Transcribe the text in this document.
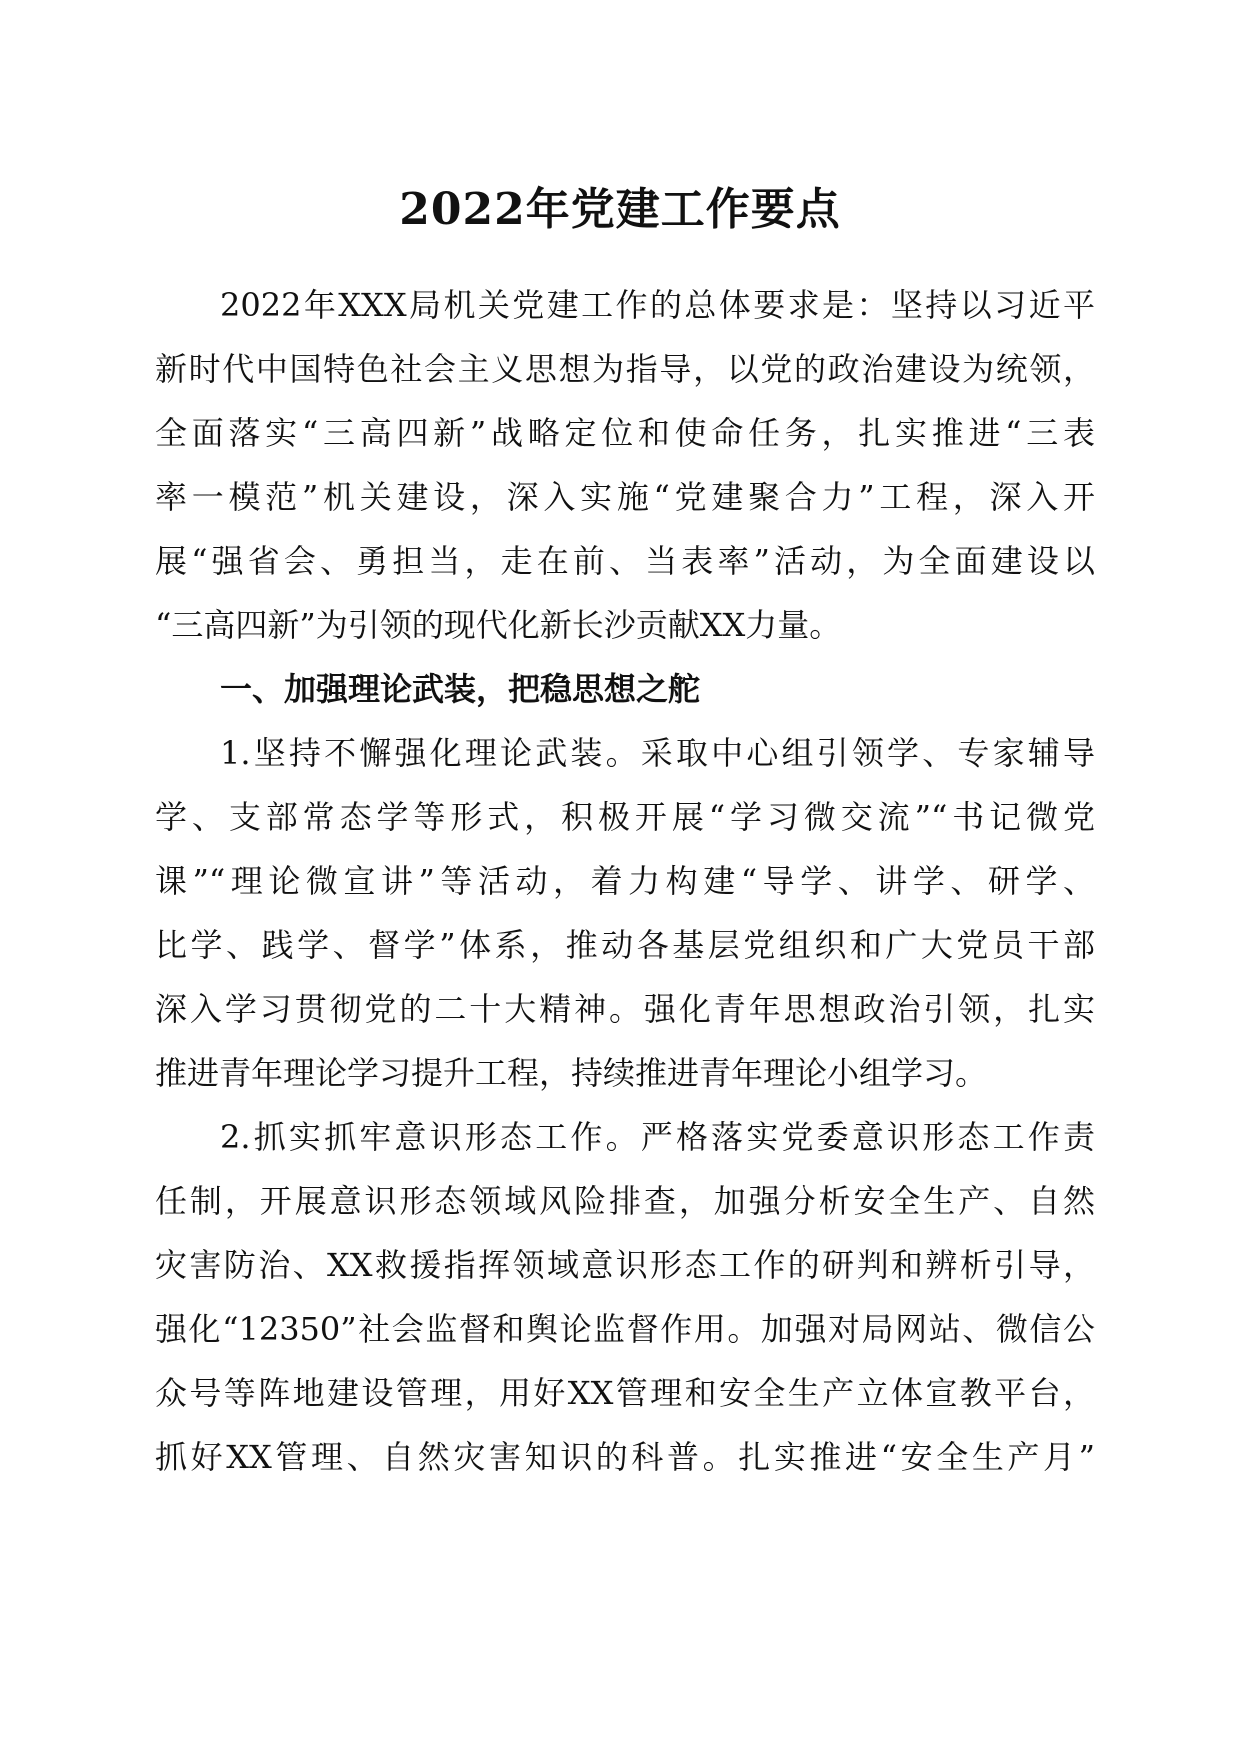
2022年党建工作要点
2022年XXX局机关党建工作的总体要求是：坚持以习近平
新时代中国特色社会主义思想为指导，以党的政治建设为统领，
全面落实“三高四新”战略定位和使命任务，扎实推进“三表
率一模范”机关建设，深入实施“党建聚合力”工程，深入开
展“强省会、勇担当，走在前、当表率”活动，为全面建设以
“三高四新”为引领的现代化新长沙贡献XX力量。
一、加强理论武装，把稳思想之舵
1.坚持不懈强化理论武装。采取中心组引领学、专家辅导
学、支部常态学等形式，积极开展“学习微交流”“书记微党
课”“理论微宣讲”等活动，着力构建“导学、讲学、研学、
比学、践学、督学”体系，推动各基层党组织和广大党员干部
深入学习贯彻党的二十大精神。强化青年思想政治引领，扎实
推进青年理论学习提升工程，持续推进青年理论小组学习。
2.抓实抓牢意识形态工作。严格落实党委意识形态工作责
任制，开展意识形态领域风险排查，加强分析安全生产、自然
灾害防治、XX救援指挥领域意识形态工作的研判和辨析引导，
强化“12350”社会监督和舆论监督作用。加强对局网站、微信公
众号等阵地建设管理，用好XX管理和安全生产立体宣教平台，
抓好XX管理、自然灾害知识的科普。扎实推进“安全生产月”
